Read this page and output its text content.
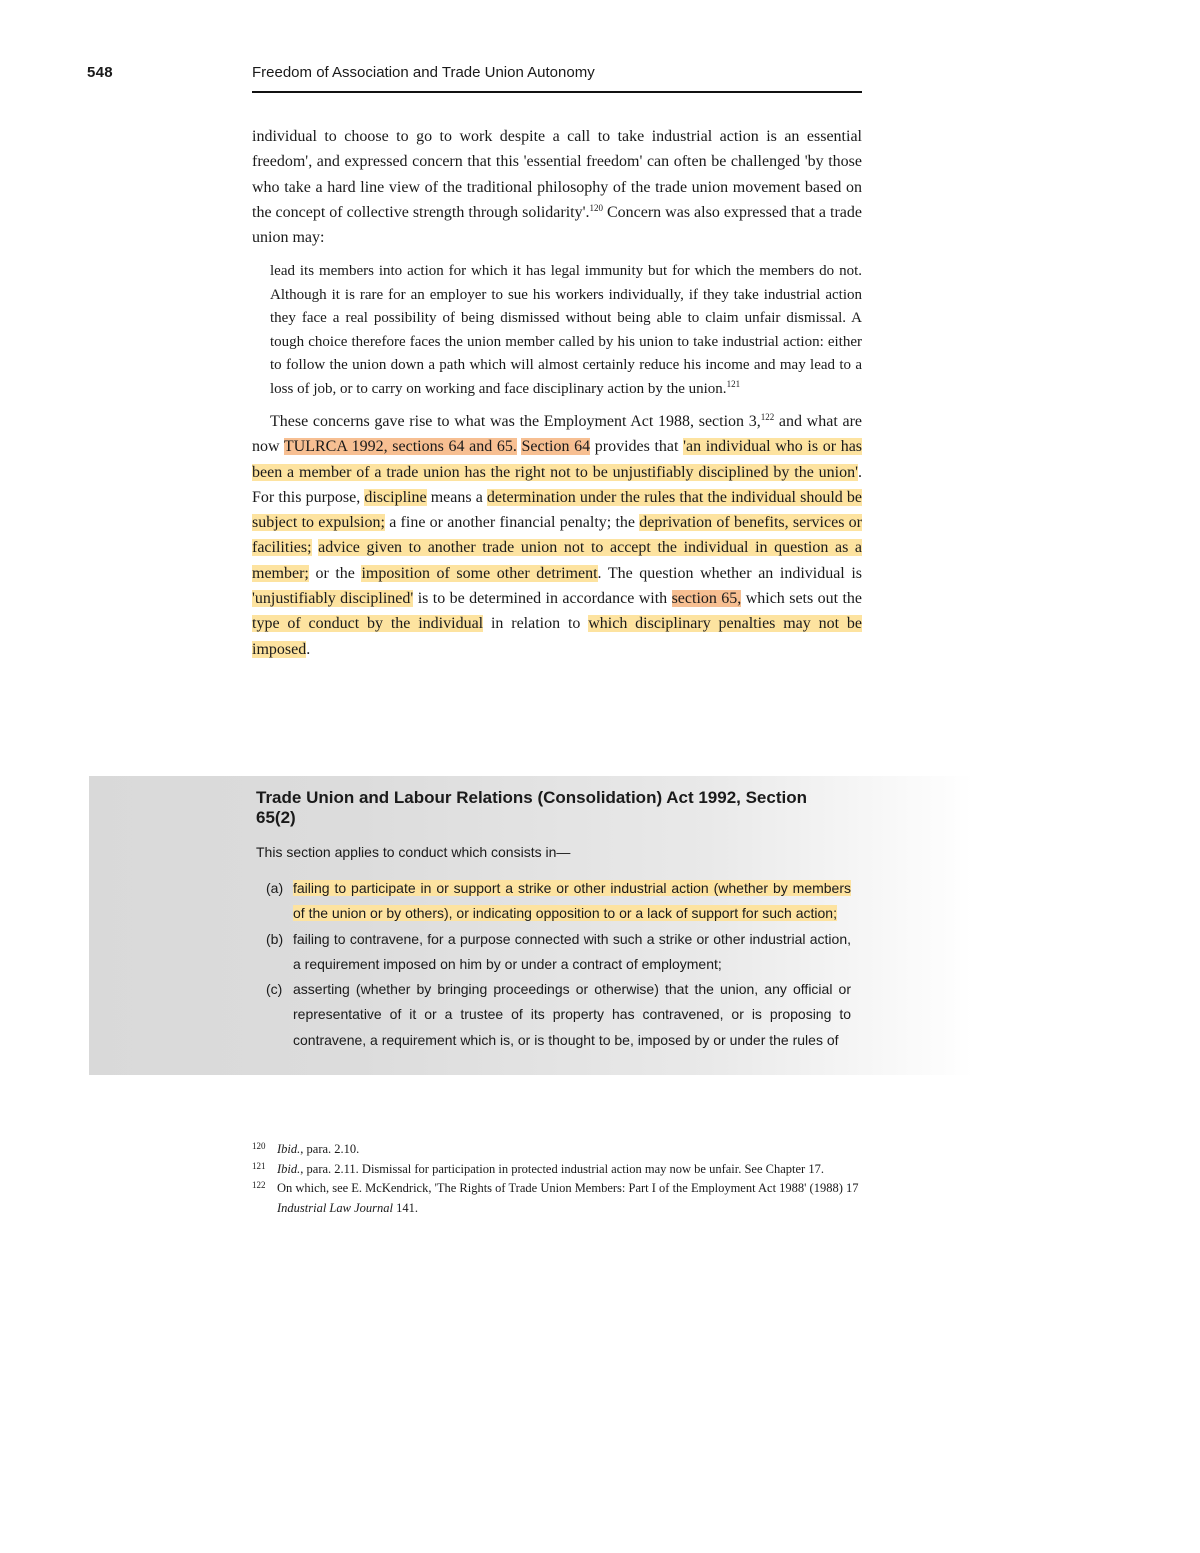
548	Freedom of Association and Trade Union Autonomy

individual to choose to go to work despite a call to take industrial action is an essential freedom', and expressed concern that this 'essential freedom' can often be challenged 'by those who take a hard line view of the traditional philosophy of the trade union movement based on the concept of collective strength through solidarity'.$^{120}$ Concern was also expressed that a trade union may:

lead its members into action for which it has legal immunity but for which the members do not. Although it is rare for an employer to sue his workers individually, if they take industrial action they face a real possibility of being dismissed without being able to claim unfair dismissal. A tough choice therefore faces the union member called by his union to take industrial action: either to follow the union down a path which will almost certainly reduce his income and may lead to a loss of job, or to carry on working and face disciplinary action by the union.$^{121}$

These concerns gave rise to what was the Employment Act 1988, section 3,$^{122}$ and what are now TULRCA 1992, sections 64 and 65. Section 64 provides that 'an individual who is or has been a member of a trade union has the right not to be unjustifiably disciplined by the union'. For this purpose, discipline means a determination under the rules that the individual should be subject to expulsion; a fine or another financial penalty; the deprivation of benefits, services or facilities; advice given to another trade union not to accept the individual in question as a member; or the imposition of some other detriment. The question whether an individual is 'unjustifiably disciplined' is to be determined in accordance with section 65, which sets out the type of conduct by the individual in relation to which disciplinary penalties may not be imposed.

Trade Union and Labour Relations (Consolidation) Act 1992, Section 65(2)
This section applies to conduct which consists in—
(a) failing to participate in or support a strike or other industrial action (whether by members of the union or by others), or indicating opposition to or a lack of support for such action;
(b) failing to contravene, for a purpose connected with such a strike or other industrial action, a requirement imposed on him by or under a contract of employment;
(c) asserting (whether by bringing proceedings or otherwise) that the union, any official or representative of it or a trustee of its property has contravened, or is proposing to contravene, a requirement which is, or is thought to be, imposed by or under the rules of
120 Ibid., para. 2.10.
121 Ibid., para. 2.11. Dismissal for participation in protected industrial action may now be unfair. See Chapter 17.
122 On which, see E. McKendrick, 'The Rights of Trade Union Members: Part I of the Employment Act 1988' (1988) 17 Industrial Law Journal 141.
